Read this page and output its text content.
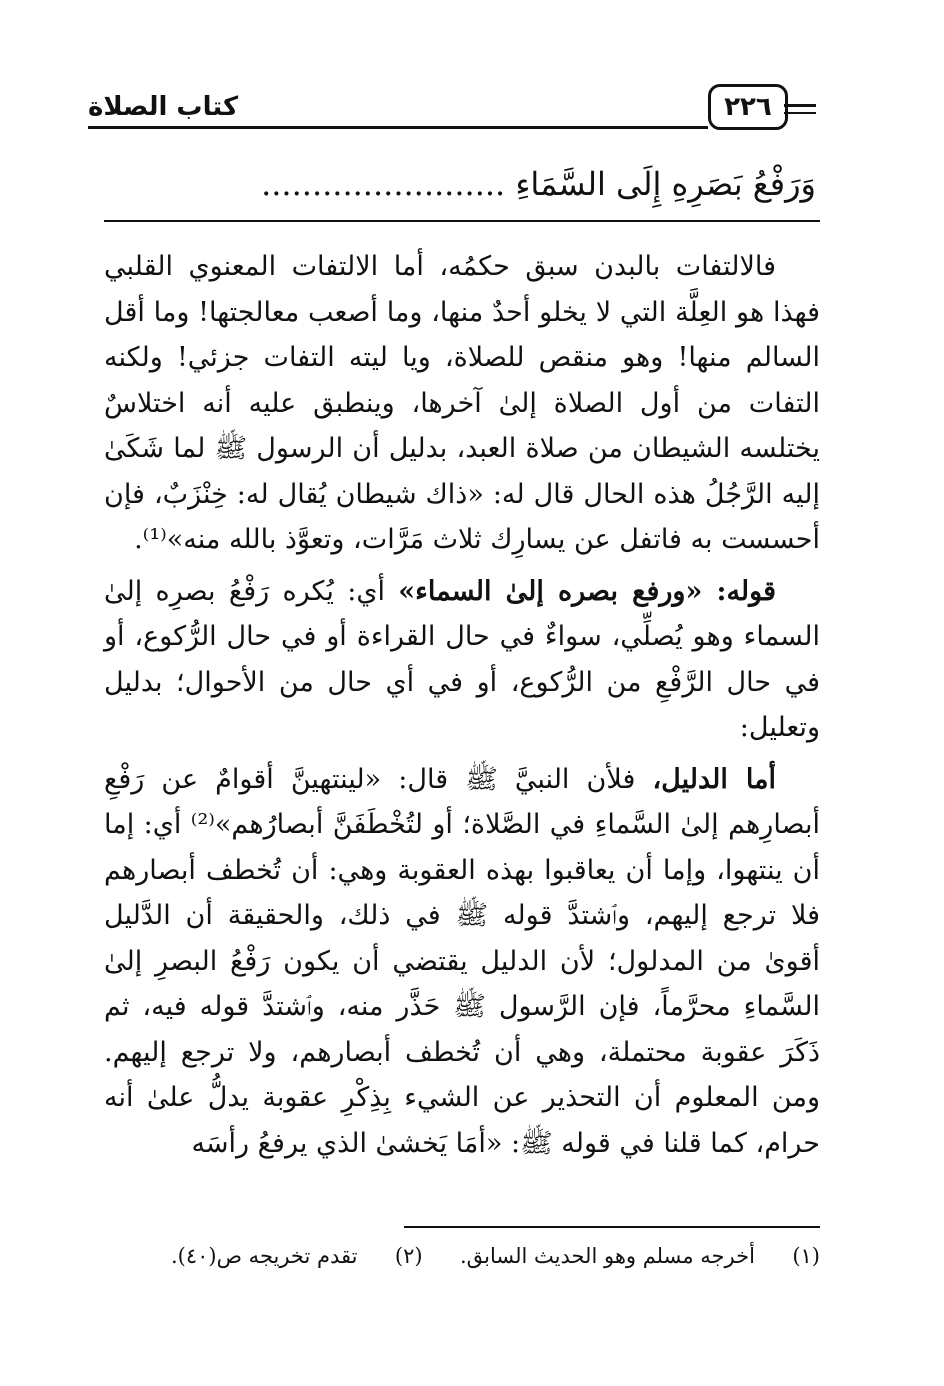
كتاب الصلاة	٢٢٦
وَرَفْعُ بَصَرِهِ إِلَى السَّمَاءِ ........................

فالالتفات بالبدن سبق حكمُه، أما الالتفات المعنوي القلبي فهذا هو العِلَّة التي لا يخلو أحدٌ منها، وما أصعب معالجتها! وما أقل السالم منها! وهو منقص للصلاة، ويا ليته التفات جزئي! ولكنه التفات من أول الصلاة إلىٰ آخرها، وينطبق عليه أنه اختلاسٌ يختلسه الشيطان من صلاة العبد، بدليل أن الرسول ﷺ لما شَكَىٰ إليه الرَّجُلُ هذه الحال قال له: «ذاك شيطان يُقال له: خِنْزَبٌ، فإن أحسست به فاتفل عن يسارِك ثلاث مَرَّات، وتعوَّذ بالله منه»⁽¹⁾.

قوله: «ورفع بصره إلىٰ السماء» أي: يُكره رَفْعُ بصرِه إلىٰ السماء وهو يُصلِّي، سواءٌ في حال القراءة أو في حال الرُّكوع، أو في حال الرَّفْعِ من الرُّكوع، أو في أي حال من الأحوال؛ بدليل وتعليل:

أما الدليل، فلأن النبيَّ ﷺ قال: «لينتهينَّ أقوامٌ عن رَفْعِ أبصارِهم إلىٰ السَّماءِ في الصَّلاة؛ أو لتُخْطَفَنَّ أبصارُهم»⁽²⁾ أي: إما أن ينتهوا، وإما أن يعاقبوا بهذه العقوبة وهي: أن تُخطف أبصارهم فلا ترجع إليهم، وٱشتدَّ قوله ﷺ في ذلك، والحقيقة أن الدَّليل أقوىٰ من المدلول؛ لأن الدليل يقتضي أن يكون رَفْعُ البصرِ إلىٰ السَّماءِ محرَّماً، فإن الرَّسول ﷺ حَذَّر منه، وٱشتدَّ قوله فيه، ثم ذَكَرَ عقوبة محتملة، وهي أن تُخطف أبصارهم، ولا ترجع إليهم. ومن المعلوم أن التحذير عن الشيء بِذِكْرِ عقوبة يدلُّ علىٰ أنه حرام، كما قلنا في قوله ﷺ: «أمَا يَخشىٰ الذي يرفعُ رأسَه

(١)  أخرجه مسلم وهو الحديث السابق.  (٢)  تقدم تخريجه ص(٤٠).
